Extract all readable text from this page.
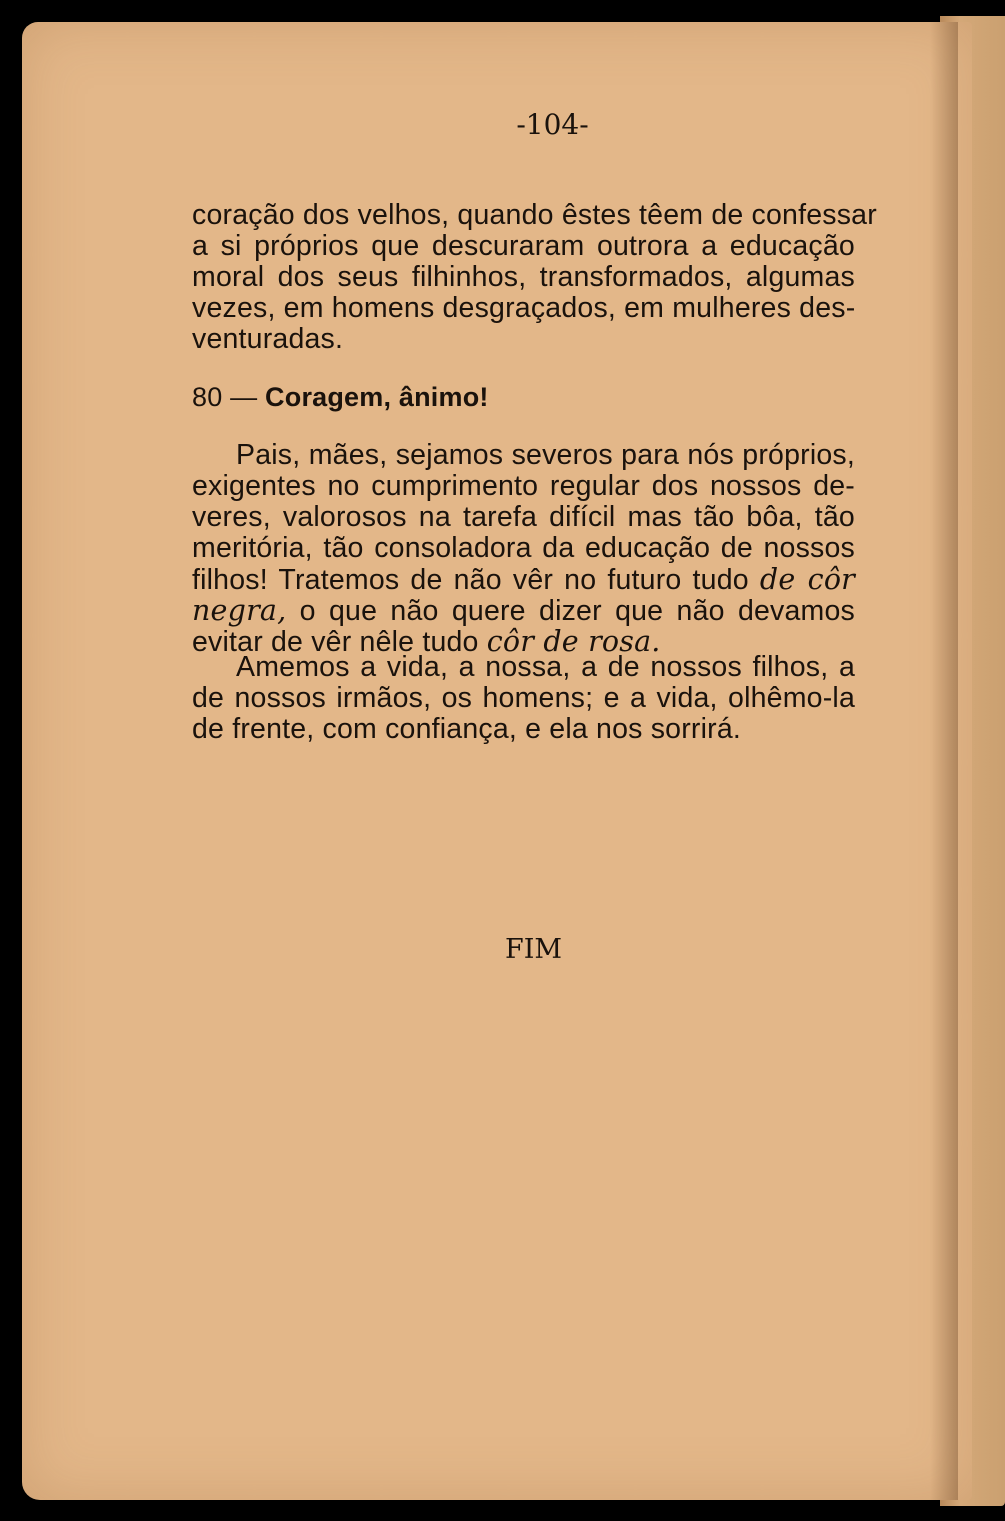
-104-
coração dos velhos, quando êstes têem de confessar
a si próprios que descuraram outrora a educação
moral dos seus filhinhos, transformados, algumas
vezes, em homens desgraçados, em mulheres des-
venturadas.
80 — Coragem, ânimo!
Pais, mães, sejamos severos para nós próprios,
exigentes no cumprimento regular dos nossos de-
veres, valorosos na tarefa difícil mas tão bôa, tão
meritória, tão consoladora da educação de nossos
filhos! Tratemos de não vêr no futuro tudo de côr
negra, o que não quere dizer que não devamos
evitar de vêr nêle tudo côr de rosa.
Amemos a vida, a nossa, a de nossos filhos, a
de nossos irmãos, os homens; e a vida, olhêmo-la
de frente, com confiança, e ela nos sorrirá.
FIM
